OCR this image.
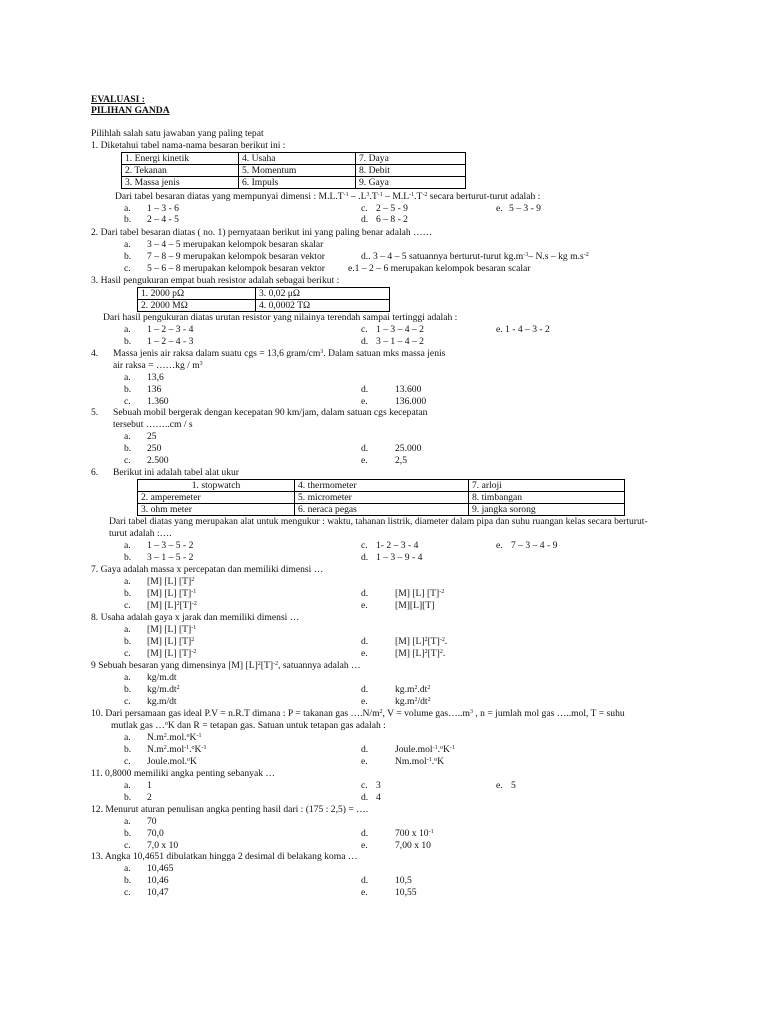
EVALUASI :
PILIHAN GANDA
Pilihlah salah satu jawaban yang paling tepat
1. Diketahui tabel nama-nama besaran berikut ini :
1. Energi kinetik	4. Usaha	7. Daya
2. Tekanan	5. Momentum	8. Debit
3. Massa jenis	6. Impuls	9. Gaya
Dari tabel besaran diatas yang mempunyai dimensi : $M.L.T^{-1} - .L^3.T^{-1} - M.L^{-1}.T^{-2}$ secara berturut-turut adalah :
a. 1 – 3 - 6	c. 2 – 5 - 9	e. 5 – 3 - 9
b. 2 – 4 - 5	d. 6 – 8 - 2
2. Dari tabel besaran diatas ( no. 1) pernyataan berikut ini yang paling benar adalah ……
a. 3 – 4 – 5 merupakan kelompok besaran skalar
b. 7 – 8 – 9 merupakan kelompok besaran vektor	d.. 3 – 4 – 5 satuannya berturut-turut $kg.m^{-3}-$ N.s – kg $m.s^{-2}$
c. 5 – 6 – 8 merupakan kelompok besaran vektor e.1 – 2 – 6 merupakan kelompok besaran scalar
3. Hasil pengukuran empat buah resistor adalah sebagai berikut :
1. 2000 pΩ	3. 0,02 μΩ
2. 2000 MΩ	4. 0,0002 TΩ
Dari hasil pengukuran diatas urutan resistor yang nilainya terendah sampai tertinggi adalah :
a. 1 – 2 – 3 - 4	c. 1 – 3 – 4 – 2	e. 1 - 4 – 3 - 2
b. 1 – 2 – 4 - 3	d. 3 – 1 – 4 – 2
4. Massa jenis air raksa dalam suatu cgs = 13,6 gram/$cm^3$. Dalam satuan mks massa jenis
air raksa = ……kg / $m^3$
a. 13,6
b. 136	d.	13.600
c. 1.360	e.	136.000
5. Sebuah mobil bergerak dengan kecepatan 90 km/jam, dalam satuan cgs kecepatan
tersebut ……..cm / s
a. 25
b. 250	d.	25.000
c. 2.500	e.	2,5
6. Berikut ini adalah tabel alat ukur
1. stopwatch	4. thermometer	7. arloji
2. amperemeter	5. micrometer	8. timbangan
3. ohm meter	6. neraca pegas	9. jangka sorong
Dari tabel diatas yang merupakan alat untuk mengukur : waktu, tahanan listrik, diameter dalam pipa dan suhu ruangan kelas secara berturut-
turut adalah :….
a. 1 – 3 – 5 - 2	c. 1- 2 – 3 - 4	e. 7 – 3 – 4 - 9
b. 3 – 1 – 5 - 2	d. 1 – 3 – 9 - 4
7. Gaya adalah massa x percepatan dan memiliki dimensi …
a. [M] [L] $[T]^2$
b. [M] [L] $[T]^{-1}$	d.	[M] [L] $[T]^{-2}$
c. [M] $[L]^2[T]^{-2}$	e.	[M][L][T]
8. Usaha adalah gaya x jarak dan memiliki dimensi …
a. [M] [L] $[T]^{-1}$
b. [M] [L] $[T]^2$	d.	[M] $[L]^2[T]^{-2}$.
c. [M] [L] $[T]^{-2}$	e.	[M] $[L]^2[T]^2$.
9 Sebuah besaran yang dimensinya [M] $[L]^2[T]^{-2}$, satuannya adalah …
a. kg/m.dt
b. $kg/m.dt^2$	d.	$kg.m^2.dt^2$
c. kg.m/dt	e.	$kg.m^2/dt^2$
10. Dari persamaan gas ideal P.V = n.R.T dimana : P = takanan gas $\dots.N/m^2$, V = volume $gas\dots..m^3$ , n = jumlah mol gas …..mol, T = suhu
mutlak gas …$^o$K dan R = tetapan gas. Satuan untuk tetapan gas adalah :
a. $N.m^2.mol.^oK^{-1}$
b. $N.m^2.mol^{-1}.^oK^{-1}$	d.	$Joule.mol^{-1}.^oK^{-1}$
c. Joule.mol.$^o$K	e.	Nm.mol$^{-1}$.$^o$K
11. 0,8000 memiliki angka penting sebanyak …
a. 1	c. 3	e. 5
b. 2	d. 4
12. Menurut aturan penulisan angka penting hasil dari : (175 : 2,5) = ….
a. 70
b. 70,0	d.	700 x $10^{-1}$
c. 7,0 x 10	e.	7,00 x 10
13. Angka 10,4651 dibulatkan hingga 2 desimal di belakang koma …
a. 10,465
b. 10,46	d.	10,5
c. 10,47	e.	10,55
